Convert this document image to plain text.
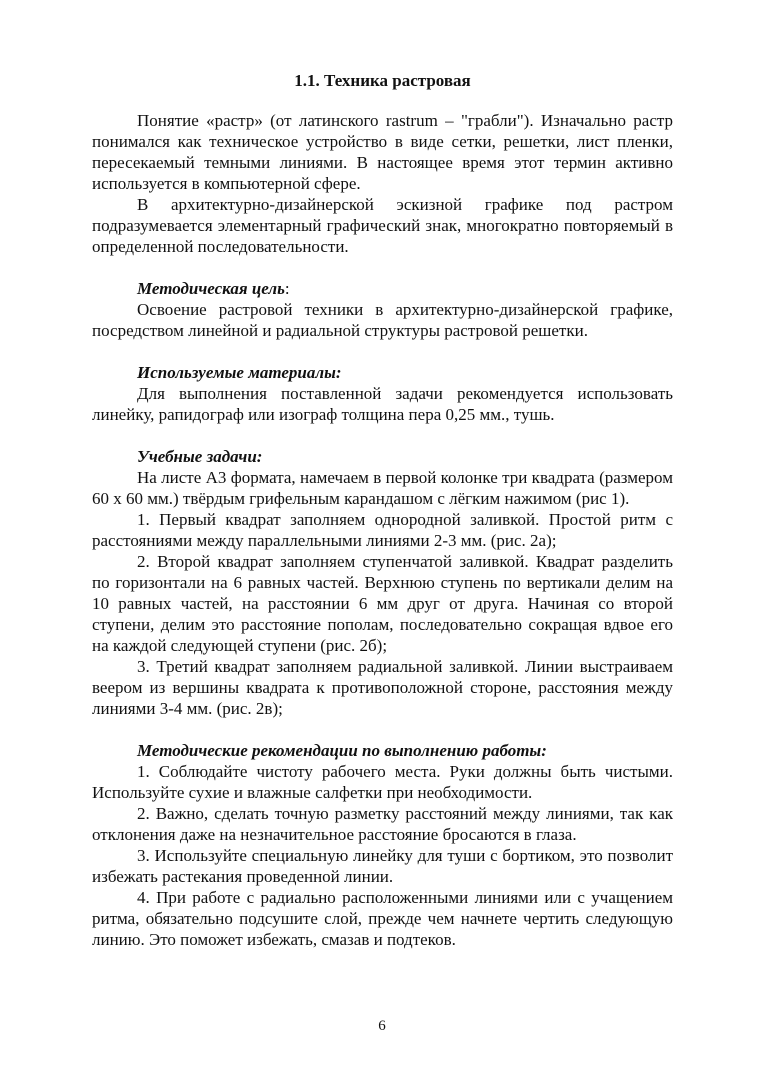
1.1. Техника растровая

Понятие «растр» (от латинского rastrum – "грабли"). Изначально растр понимался как техническое устройство в виде сетки, решетки, лист пленки, пересекаемый темными линиями. В настоящее время этот термин активно используется в компьютерной сфере.

В архитектурно-дизайнерской эскизной графике под растром подразумевается элементарный графический знак, многократно повторяемый в определенной последовательности.

Методическая цель:

Освоение растровой техники в архитектурно-дизайнерской графике, посредством линейной и радиальной структуры растровой решетки.

Используемые материалы:

Для выполнения поставленной задачи рекомендуется использовать линейку, рапидограф или изограф толщина пера 0,25 мм., тушь.

Учебные задачи:

На листе А3 формата, намечаем в первой колонке три квадрата (размером 60 х 60 мм.) твёрдым грифельным карандашом с лёгким нажимом (рис 1).

1. Первый квадрат заполняем однородной заливкой. Простой ритм с расстояниями между параллельными линиями 2-3 мм. (рис. 2а);

2. Второй квадрат заполняем ступенчатой заливкой. Квадрат разделить по горизонтали на 6 равных частей. Верхнюю ступень по вертикали делим на 10 равных частей, на расстоянии 6 мм друг от друга. Начиная со второй ступени, делим это расстояние пополам, последовательно сокращая вдвое его на каждой следующей ступени (рис. 2б);

3. Третий квадрат заполняем радиальной заливкой. Линии выстраиваем веером из вершины квадрата к противоположной стороне, расстояния между линиями 3-4 мм. (рис. 2в);

Методические рекомендации по выполнению работы:

1. Соблюдайте чистоту рабочего места. Руки должны быть чистыми. Используйте сухие и влажные салфетки при необходимости.

2. Важно, сделать точную разметку расстояний между линиями, так как отклонения даже на незначительное расстояние бросаются в глаза.

3. Используйте специальную линейку для туши с бортиком, это позволит избежать растекания проведенной линии.

4. При работе с радиально расположенными линиями или с учащением ритма, обязательно подсушите слой, прежде чем начнете чертить следующую линию. Это поможет избежать, смазав и подтеков.

6
